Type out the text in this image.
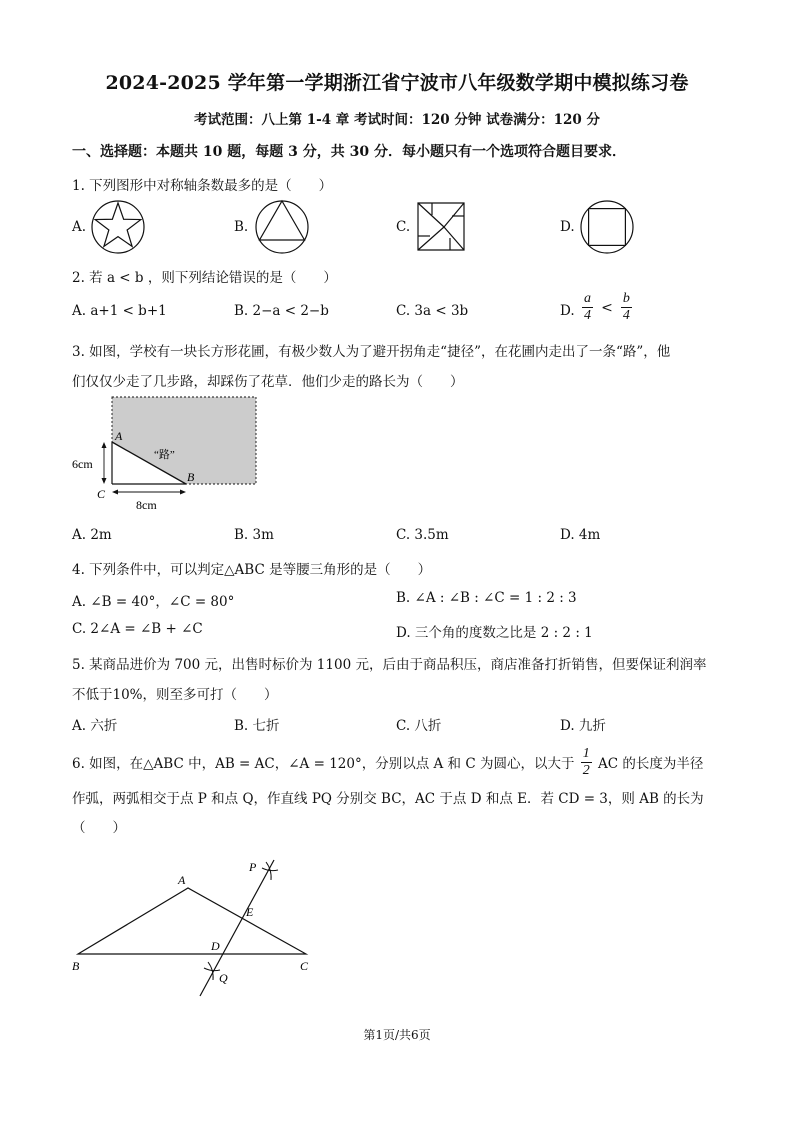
2024-2025 学年第一学期浙江省宁波市八年级数学期中模拟练习卷
考试范围：八上第 1-4 章 考试时间：120 分钟 试卷满分：120 分
一、选择题：本题共 10 题，每题 3 分，共 30 分．每小题只有一个选项符合题目要求．
1. 下列图形中对称轴条数最多的是（　　）
A.	B.	C.	D.
2. 若 a < b ，则下列结论错误的是（　　）
A. a+1 < b+1	B. 2−a < 2−b	C. 3a < 3b	D. $\frac{a}{4} < \frac{b}{4}$
3. 如图，学校有一块长方形花圃，有极少数人为了避开拐角走“捷径”，在花圃内走出了一条“路”，他
们仅仅少走了几步路，却踩伤了花草．他们少走的路长为（　　）
A
B
C
“路”
6cm
8cm
A. 2m	B. 3m	C. 3.5m	D. 4m
4. 下列条件中，可以判定△ABC 是等腰三角形的是（　　）
A. ∠B = 40°，∠C = 80°	B. ∠A : ∠B : ∠C = 1 : 2 : 3
C. 2∠A = ∠B + ∠C	D. 三个角的度数之比是 2 : 2 : 1
5. 某商品进价为 700 元，出售时标价为 1100 元，后由于商品积压，商店准备打折销售，但要保证利润率
不低于10%，则至多可打（　　）
A. 六折	B. 七折	C. 八折	D. 九折
6. 如图，在△ABC 中，AB = AC，∠A = 120°，分别以点 A 和 C 为圆心，以大于 $\frac{1}{2}$ AC 的长度为半径
作弧，两弧相交于点 P 和点 Q，作直线 PQ 分别交 BC，AC 于点 D 和点 E．若 CD = 3，则 AB 的长为
（　　）
A
B	C
D
E
P
Q
第1页/共6页
